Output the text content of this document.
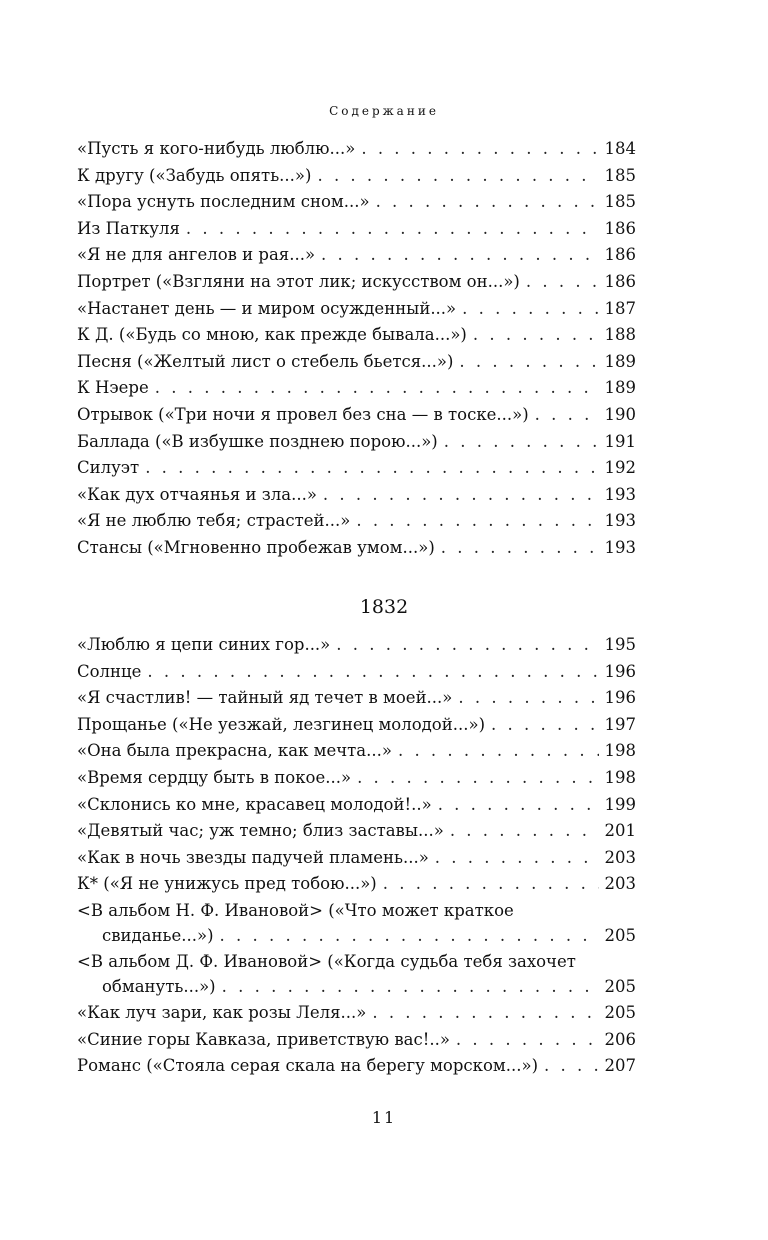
Содержание
«Пусть я кого-нибудь люблю...» . . .	184
К другу («Забудь опять...») . . .	185
«Пора уснуть последним сном...» . . .	185
Из Паткуля . . .	186
«Я не для ангелов и рая...» . . .	186
Портрет («Взгляни на этот лик; искусством он...») . . .	186
«Настанет день — и миром осужденный...» . . .	187
К Д. («Будь со мною, как прежде бывала...») . . .	188
Песня («Желтый лист о стебель бьется...») . . .	189
К Нэере . . .	189
Отрывок («Три ночи я провел без сна — в тоске...») . . .	190
Баллада («В избушке позднею порою...») . . .	191
Силуэт . . .	192
«Как дух отчаянья и зла...» . . .	193
«Я не люблю тебя; страстей...» . . .	193
Стансы («Мгновенно пробежав умом...») . . .	193
1832
«Люблю я цепи синих гор...» . . .	195
Солнце . . .	196
«Я счастлив! — тайный яд течет в моей...» . . .	196
Прощанье («Не уезжай, лезгинец молодой...») . . .	197
«Она была прекрасна, как мечта...» . . .	198
«Время сердцу быть в покое...» . . .	198
«Склонись ко мне, красавец молодой!..» . . .	199
«Девятый час; уж темно; близ заставы...» . . .	201
«Как в ночь звезды падучей пламень...» . . .	203
К* («Я не унижусь пред тобою...») . . .	203
<В альбом Н. Ф. Ивановой> («Что может краткое
свиданье...») . . .	205
<В альбом Д. Ф. Ивановой> («Когда судьба тебя захочет
обмануть...») . . .	205
«Как луч зари, как розы Леля...» . . .	205
«Синие горы Кавказа, приветствую вас!..» . . .	206
Романс («Стояла серая скала на берегу морском...») . . .	207
11
